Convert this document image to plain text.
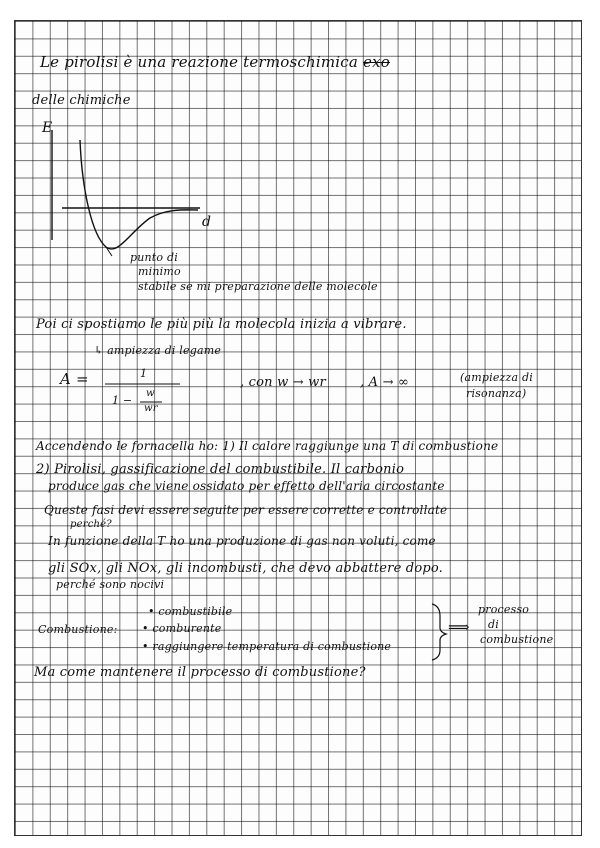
Le pirolisi è una reazione termoschimica exo
delle chimiche
E
d
punto di
minimo
stabile se mi preparazione delle molecole
Poi ci spostiamo le più più la molecola inizia a vibrare.
↳ ampiezza di legame
A =	1
1 −
w
wr
, con w → wr	, A → ∞	(ampiezza di
risonanza)
Accendendo le fornacella ho: 1) Il calore raggiunge una T di combustione
2) Pirolisi, gassificazione del combustibile. Il carbonio
produce gas che viene ossidato per effetto dell'aria circostante
Queste fasi devi essere seguite per essere corrette e controllate
perché?
In funzione della T ho una produzione di gas non voluti, come
gli SOx, gli NOx, gli incombusti, che devo abbattere dopo.
perché sono nocivi
Combustione:
• combustibile
• comburente
• raggiungere temperatura di combustione
⟹
processo
di
combustione
Ma come mantenere il processo di combustione?
